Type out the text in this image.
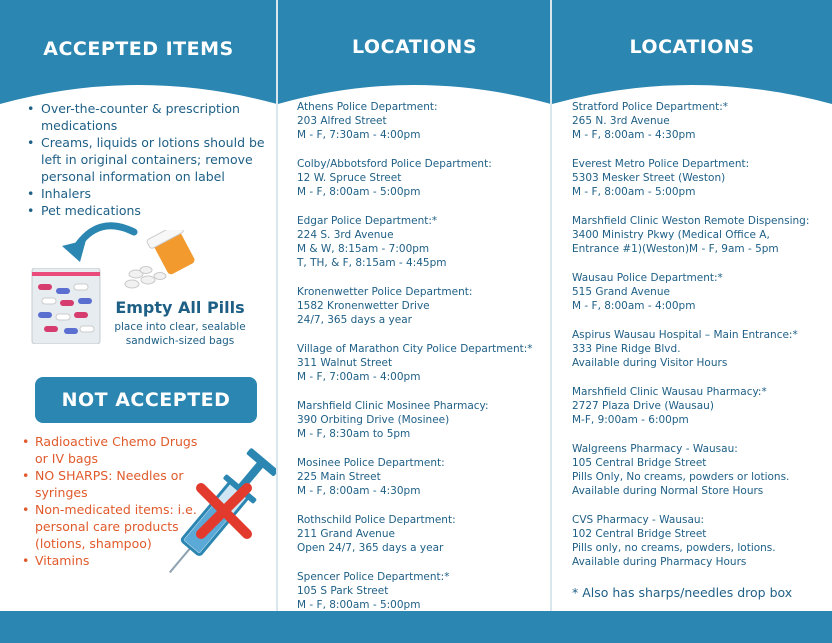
ACCEPTED ITEMS
• Over-the-counter & prescription medications
• Creams, liquids or lotions should be left in original containers; remove personal information on label
• Inhalers
• Pet medications
Empty All Pills
place into clear, sealable sandwich-sized bags
NOT ACCEPTED
• Radioactive Chemo Drugs or IV bags
• NO SHARPS: Needles or syringes
• Non-medicated items: i.e. personal care products (lotions, shampoo)
• Vitamins
LOCATIONS
Athens Police Department:
203 Alfred Street
M - F, 7:30am - 4:00pm
Colby/Abbotsford Police Department:
12 W. Spruce Street
M - F, 8:00am - 5:00pm
Edgar Police Department:*
224 S. 3rd Avenue
M & W, 8:15am - 7:00pm
T, TH, & F, 8:15am - 4:45pm
Kronenwetter Police Department:
1582 Kronenwetter Drive
24/7, 365 days a year
Village of Marathon City Police Department:*
311 Walnut Street
M - F, 7:00am - 4:00pm
Marshfield Clinic Mosinee Pharmacy:
390 Orbiting Drive (Mosinee)
M - F, 8:30am to 5pm
Mosinee Police Department:
225 Main Street
M - F, 8:00am - 4:30pm
Rothschild Police Department:
211 Grand Avenue
Open 24/7, 365 days a year
Spencer Police Department:*
105 S Park Street
M - F, 8:00am - 5:00pm
LOCATIONS
Stratford Police Department:*
265 N. 3rd Avenue
M - F, 8:00am - 4:30pm
Everest Metro Police Department:
5303 Mesker Street (Weston)
M - F, 8:00am - 5:00pm
Marshfield Clinic Weston Remote Dispensing:
3400 Ministry Pkwy (Medical Office A,
Entrance #1)(Weston)M - F, 9am - 5pm
Wausau Police Department:*
515 Grand Avenue
M - F, 8:00am - 4:00pm
Aspirus Wausau Hospital – Main Entrance:*
333 Pine Ridge Blvd.
Available during Visitor Hours
Marshfield Clinic Wausau Pharmacy:*
2727 Plaza Drive (Wausau)
M-F, 9:00am - 6:00pm
Walgreens Pharmacy - Wausau:
105 Central Bridge Street
Pills Only, No creams, powders or lotions.
Available during Normal Store Hours
CVS Pharmacy - Wausau:
102 Central Bridge Street
Pills only, no creams, powders, lotions.
Available during Pharmacy Hours
* Also has sharps/needles drop box
